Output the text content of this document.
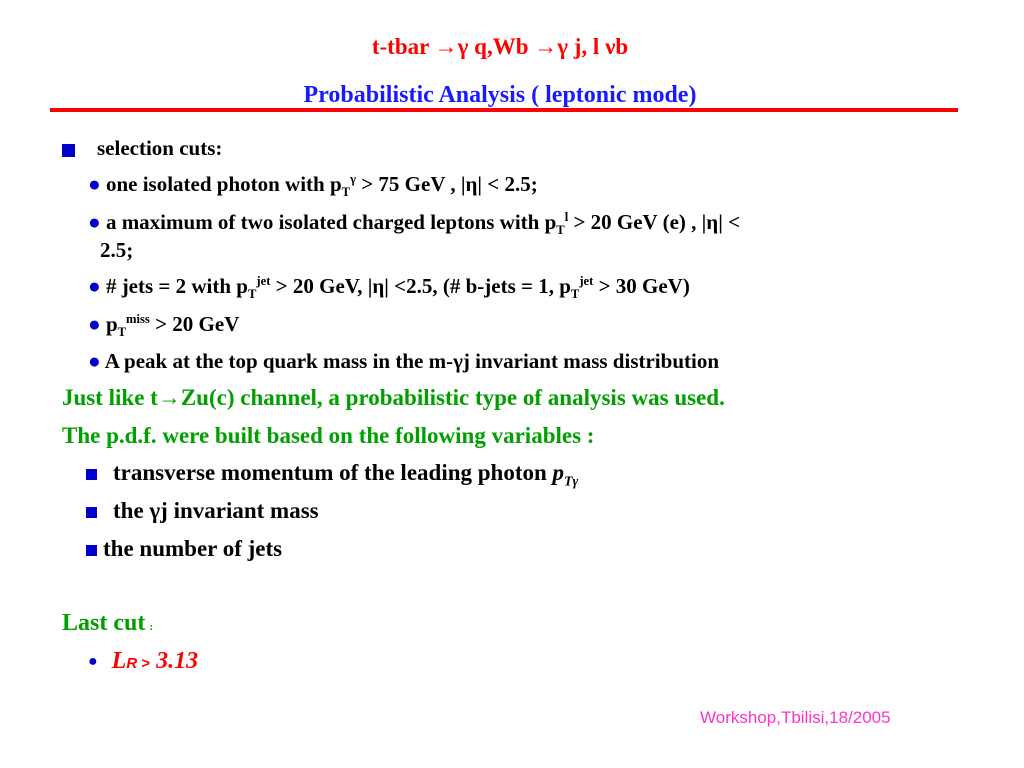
t-tbar →γ q,Wb →γ j, l νb
Probabilistic Analysis ( leptonic mode)
selection cuts:
● one isolated photon with $p_T^\gamma > 75$ GeV , |η| < 2.5;
● a maximum of two isolated charged leptons with $p_T^l > 20$ GeV (e) , |η| <
2.5;
● # jets = 2 with $p_T^{jet} > 20$ GeV, |η| <2.5, (# b-jets = 1, $p_T^{jet} > 30$ GeV)
● $p_T^{miss} > 20$ GeV
● A peak at the top quark mass in the m-γj invariant mass distribution
Just like t→Zu(c) channel, a probabilistic type of analysis was used.
The p.d.f. were built based on the following variables :
transverse momentum of the leading photon $p_{T\gamma}$
the γj invariant mass
the number of jets
Last cut :
● LR > 3.13
Workshop,Tbilisi,18/2005
